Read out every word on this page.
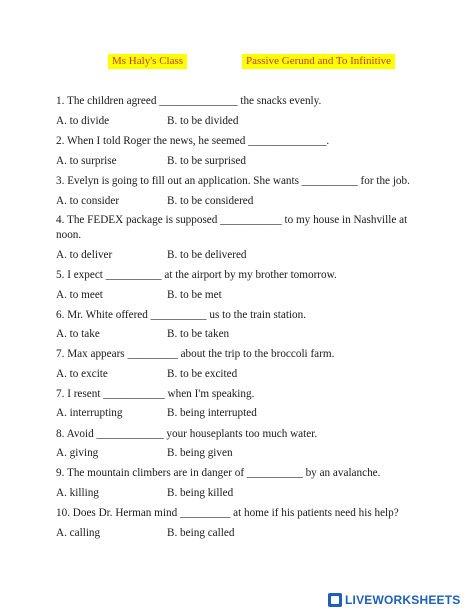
Ms Haly's Class	Passive Gerund and To Infinitive
1. The children agreed ______________ the snacks evenly.
A. to divide	B. to be divided
2. When I told Roger the news, he seemed ______________.
A. to surprise	B. to be surprised
3. Evelyn is going to fill out an application. She wants __________ for the job.
A. to consider	B. to be considered
4. The FEDEX package is supposed ___________ to my house in Nashville at
noon.
A. to deliver	B. to be delivered
5. I expect __________ at the airport by my brother tomorrow.
A. to meet	B. to be met
6. Mr. White offered __________ us to the train station.
A. to take	B. to be taken
7. Max appears _________ about the trip to the broccoli farm.
A. to excite	B. to be excited
7. I resent ___________ when I'm speaking.
A. interrupting	B. being interrupted
8. Avoid ____________ your houseplants too much water.
A. giving	B. being given
9. The mountain climbers are in danger of __________ by an avalanche.
A. killing	B. being killed
10. Does Dr. Herman mind _________ at home if his patients need his help?
A. calling	B. being called
LIVEWORKSHEETS
